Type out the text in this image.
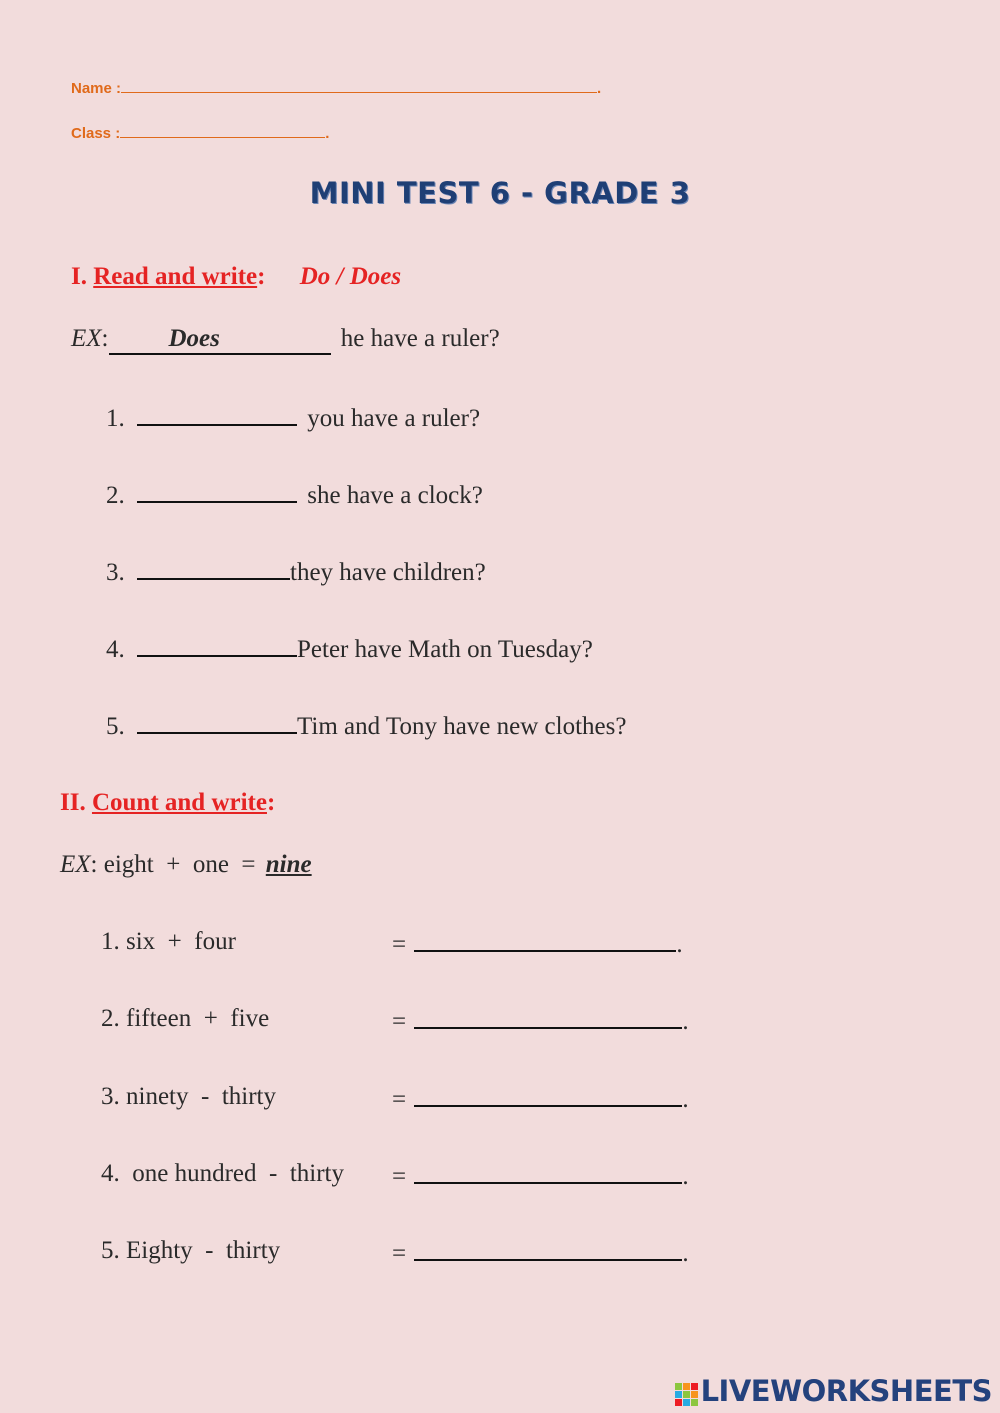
Name :	.
Class :	.
MINI TEST 6 - GRADE 3
I. Read and write: Do / Does
EX: Does	he have a ruler?
1.	you have a ruler?
2.	she have a clock?
3.	they have children?
4.	Peter have Math on Tuesday?
5.	Tim and Tony have new clothes?
II. Count and write:
EX: eight  +  one  = nine
1. six  +  four	=	.
2. fifteen  +  five	=	.
3. ninety  -  thirty	=	.
4.  one hundred  -  thirty =	.
5. Eighty  -  thirty	=	.
LIVEWORKSHEETS
